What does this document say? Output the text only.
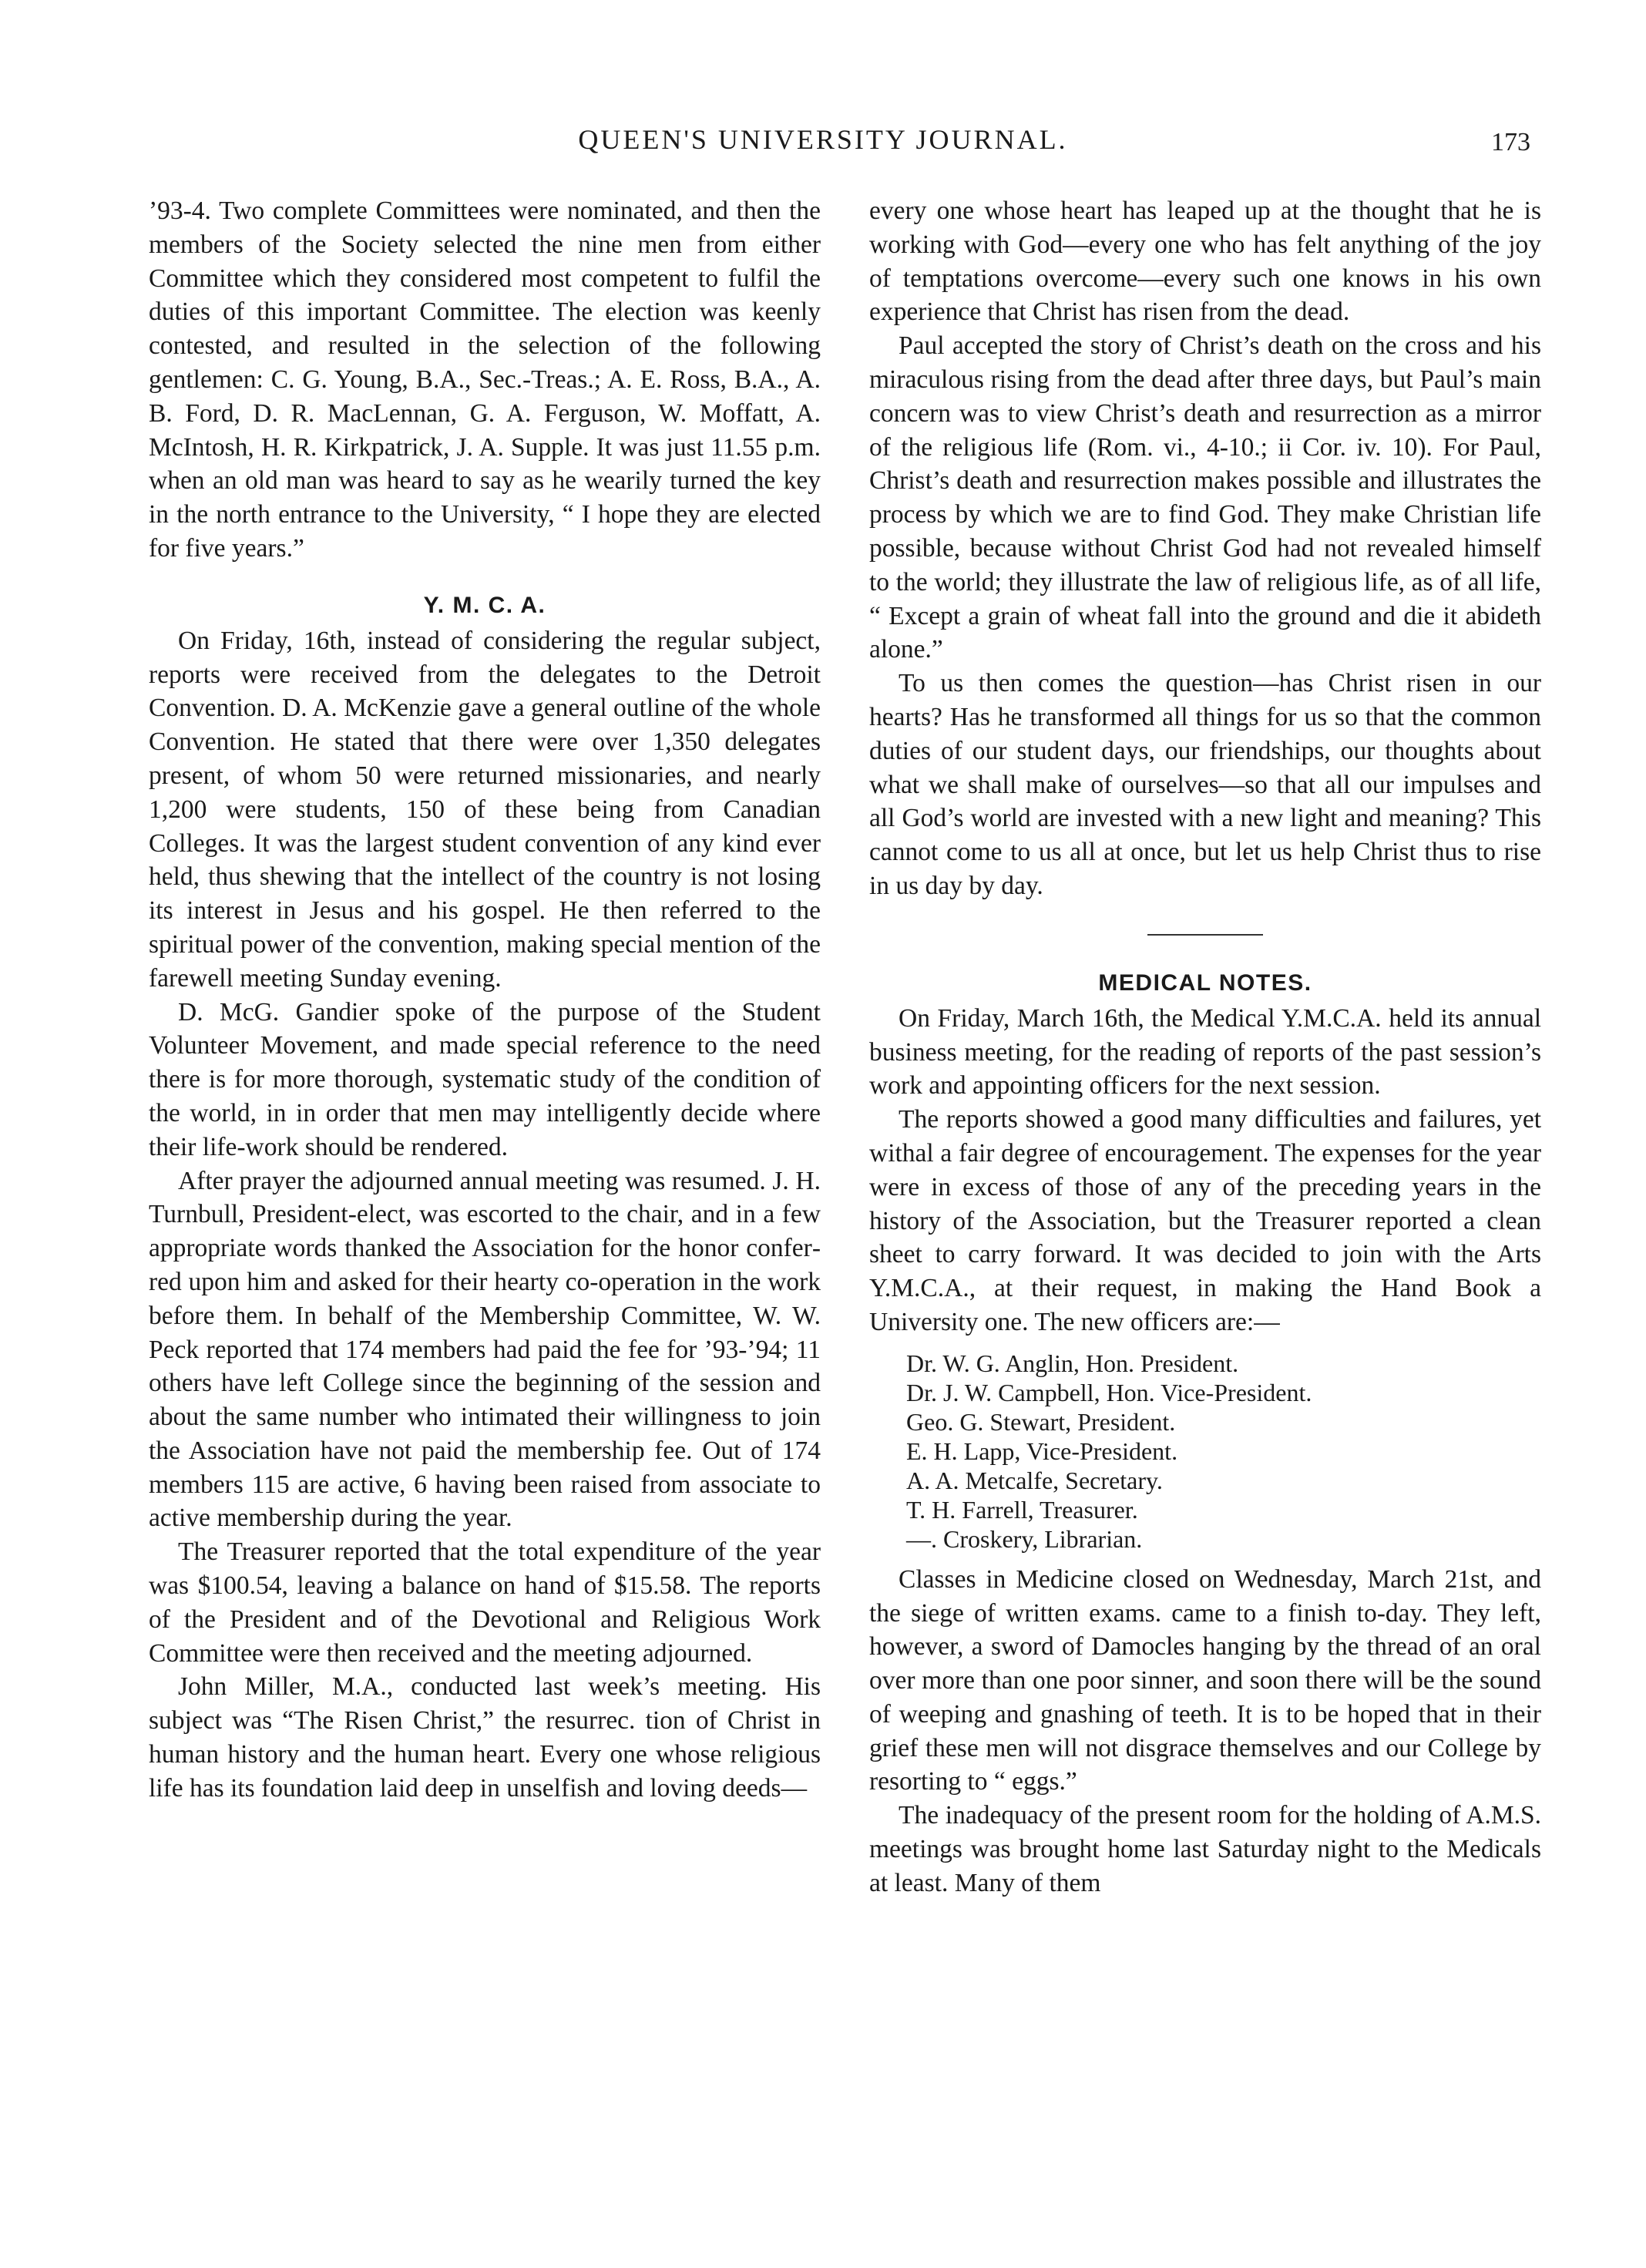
QUEEN'S UNIVERSITY JOURNAL.	173

’93-4. Two complete Committees were nominated, and then the members of the Society selected the nine men from either Committee which they considered most competent to fulfil the duties of this important Committee. The election was keenly contested, and resulted in the selection of the following gentlemen: C. G. Young, B.A., Sec.-Treas.; A. E. Ross, B.A., A. B. Ford, D. R. MacLennan, G. A. Ferguson, W. Moffatt, A. McIntosh, H. R. Kirkpatrick, J. A. Supple. It was just 11.55 p.m. when an old man was heard to say as he wearily turned the key in the north entrance to the University, “ I hope they are elected for five years.”

Y. M. C. A.

On Friday, 16th, instead of considering the regular subject, reports were received from the delegates to the Detroit Convention. D. A. McKenzie gave a general outline of the whole Convention. He stated that there were over 1,350 delegates present, of whom 50 were returned missionaries, and nearly 1,200 were students, 150 of these being from Canadian Colleges. It was the largest student convention of any kind ever held, thus shewing that the intellect of the country is not losing its interest in Jesus and his gospel. He then referred to the spiritual power of the convention, making special mention of the farewell meeting Sunday evening.

D. McG. Gandier spoke of the purpose of the Student Volunteer Movement, and made special reference to the need there is for more thorough, systematic study of the condition of the world, in in order that men may intelligently decide where their life-work should be rendered.

After prayer the adjourned annual meeting was resumed. J. H. Turnbull, President-elect, was escorted to the chair, and in a few appropriate words thanked the Association for the honor conferred upon him and asked for their hearty co-operation in the work before them. In behalf of the Membership Committee, W. W. Peck reported that 174 members had paid the fee for ’93-’94; 11 others have left College since the beginning of the session and about the same number who intimated their willingness to join the Association have not paid the membership fee. Out of 174 members 115 are active, 6 having been raised from associate to active membership during the year.

The Treasurer reported that the total expenditure of the year was $100.54, leaving a balance on hand of $15.58. The reports of the President and of the Devotional and Religious Work Committee were then received and the meeting adjourned.

John Miller, M.A., conducted last week’s meeting. His subject was “The Risen Christ,” the resurrec. tion of Christ in human history and the human heart. Every one whose religious life has its foundation laid deep in unselfish and loving deeds—

every one whose heart has leaped up at the thought that he is working with God—every one who has felt anything of the joy of temptations overcome—every such one knows in his own experience that Christ has risen from the dead.

Paul accepted the story of Christ’s death on the cross and his miraculous rising from the dead after three days, but Paul’s main concern was to view Christ’s death and resurrection as a mirror of the religious life (Rom. vi., 4-10.; ii Cor. iv. 10). For Paul, Christ’s death and resurrection makes possible and illustrates the process by which we are to find God. They make Christian life possible, because without Christ God had not revealed himself to the world; they illustrate the law of religious life, as of all life, “ Except a grain of wheat fall into the ground and die it abideth alone.”

To us then comes the question—has Christ risen in our hearts? Has he transformed all things for us so that the common duties of our student days, our friendships, our thoughts about what we shall make of ourselves—so that all our impulses and all God’s world are invested with a new light and meaning? This cannot come to us all at once, but let us help Christ thus to rise in us day by day.

MEDICAL NOTES.

On Friday, March 16th, the Medical Y.M.C.A. held its annual business meeting, for the reading of reports of the past session’s work and appointing officers for the next session.

The reports showed a good many difficulties and failures, yet withal a fair degree of encouragement. The expenses for the year were in excess of those of any of the preceding years in the history of the Association, but the Treasurer reported a clean sheet to carry forward. It was decided to join with the Arts Y.M.C.A., at their request, in making the Hand Book a University one. The new officers are:—

Dr. W. G. Anglin, Hon. President.
Dr. J. W. Campbell, Hon. Vice-President.
Geo. G. Stewart, President.
E. H. Lapp, Vice-President.
A. A. Metcalfe, Secretary.
T. H. Farrell, Treasurer.
—. Croskery, Librarian.

Classes in Medicine closed on Wednesday, March 21st, and the siege of written exams. came to a finish to-day. They left, however, a sword of Damocles hanging by the thread of an oral over more than one poor sinner, and soon there will be the sound of weeping and gnashing of teeth. It is to be hoped that in their grief these men will not disgrace themselves and our College by resorting to “ eggs.”

The inadequacy of the present room for the holding of A.M.S. meetings was brought home last Saturday night to the Medicals at least. Many of them
